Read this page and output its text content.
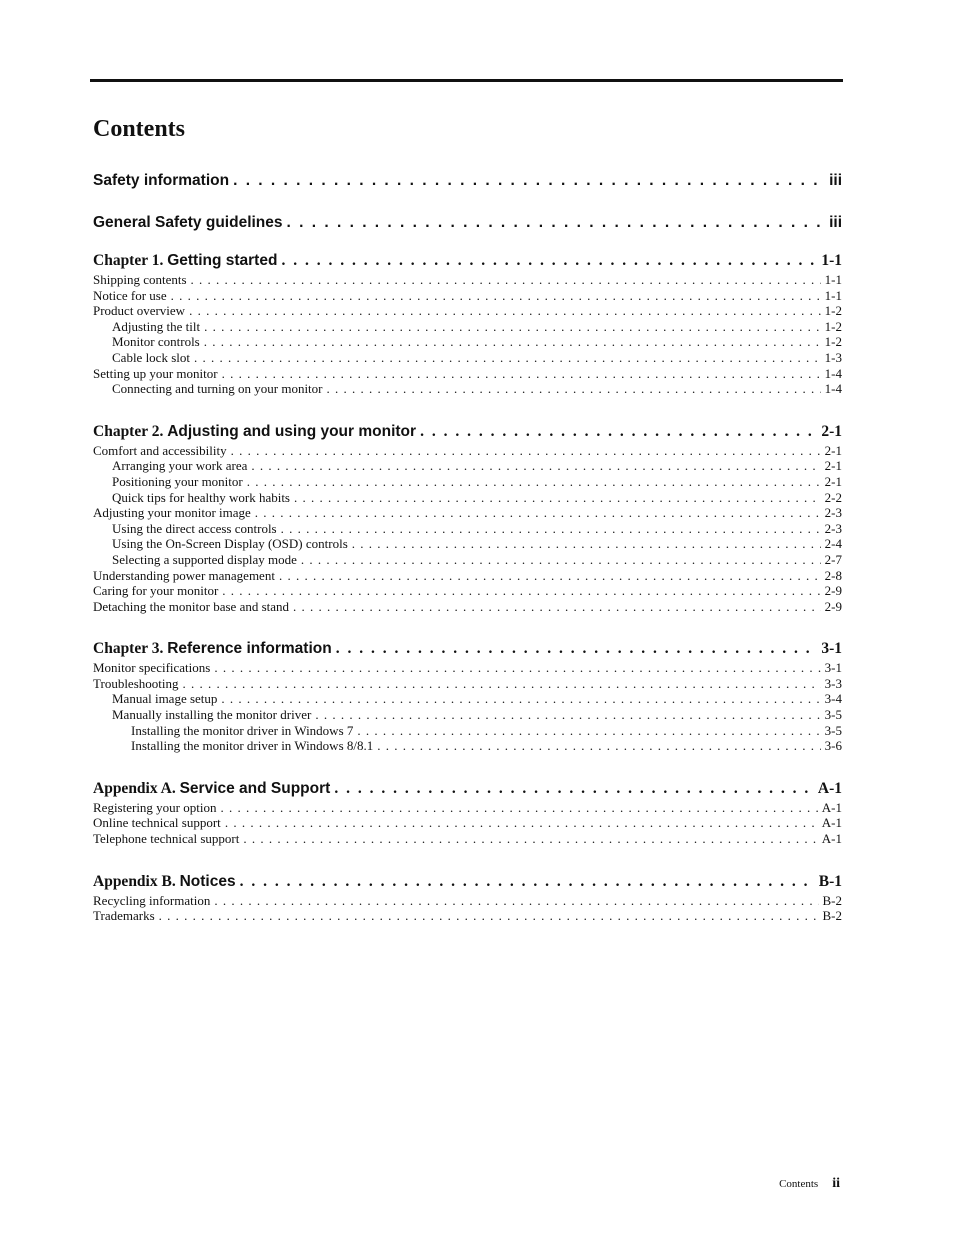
Contents
Safety information . . .	iii
General Safety guidelines . . .	iii
Chapter 1. Getting started . . .	1-1
Shipping contents . . .	1-1
Notice for use . . .	1-1
Product overview . . .	1-2
Adjusting the tilt . . .	1-2
Monitor controls . . .	1-2
Cable lock slot . . .	1-3
Setting up your monitor . . .	1-4
Connecting and turning on your monitor . . .	1-4
Chapter 2. Adjusting and using your monitor . . .	2-1
Comfort and accessibility . . .	2-1
Arranging your work area . . .	2-1
Positioning your monitor . . .	2-1
Quick tips for healthy work habits . . .	2-2
Adjusting your monitor image . . .	2-3
Using the direct access controls . . .	2-3
Using the On-Screen Display (OSD) controls . . .	2-4
Selecting a supported display mode . . .	2-7
Understanding power management . . .	2-8
Caring for your monitor . . .	2-9
Detaching the monitor base and stand . . .	2-9
Chapter 3. Reference information . . .	3-1
Monitor specifications . . .	3-1
Troubleshooting . . .	3-3
Manual image setup . . .	3-4
Manually installing the monitor driver . . .	3-5
Installing the monitor driver in Windows 7 . . .	3-5
Installing the monitor driver in Windows 8/8.1 . . .	3-6
Appendix A. Service and Support . . .	A-1
Registering your option . . .	A-1
Online technical support . . .	A-1
Telephone technical support . . .	A-1
Appendix B. Notices . . .	B-1
Recycling information . . .	B-2
Trademarks . . .	B-2
Contents ii
